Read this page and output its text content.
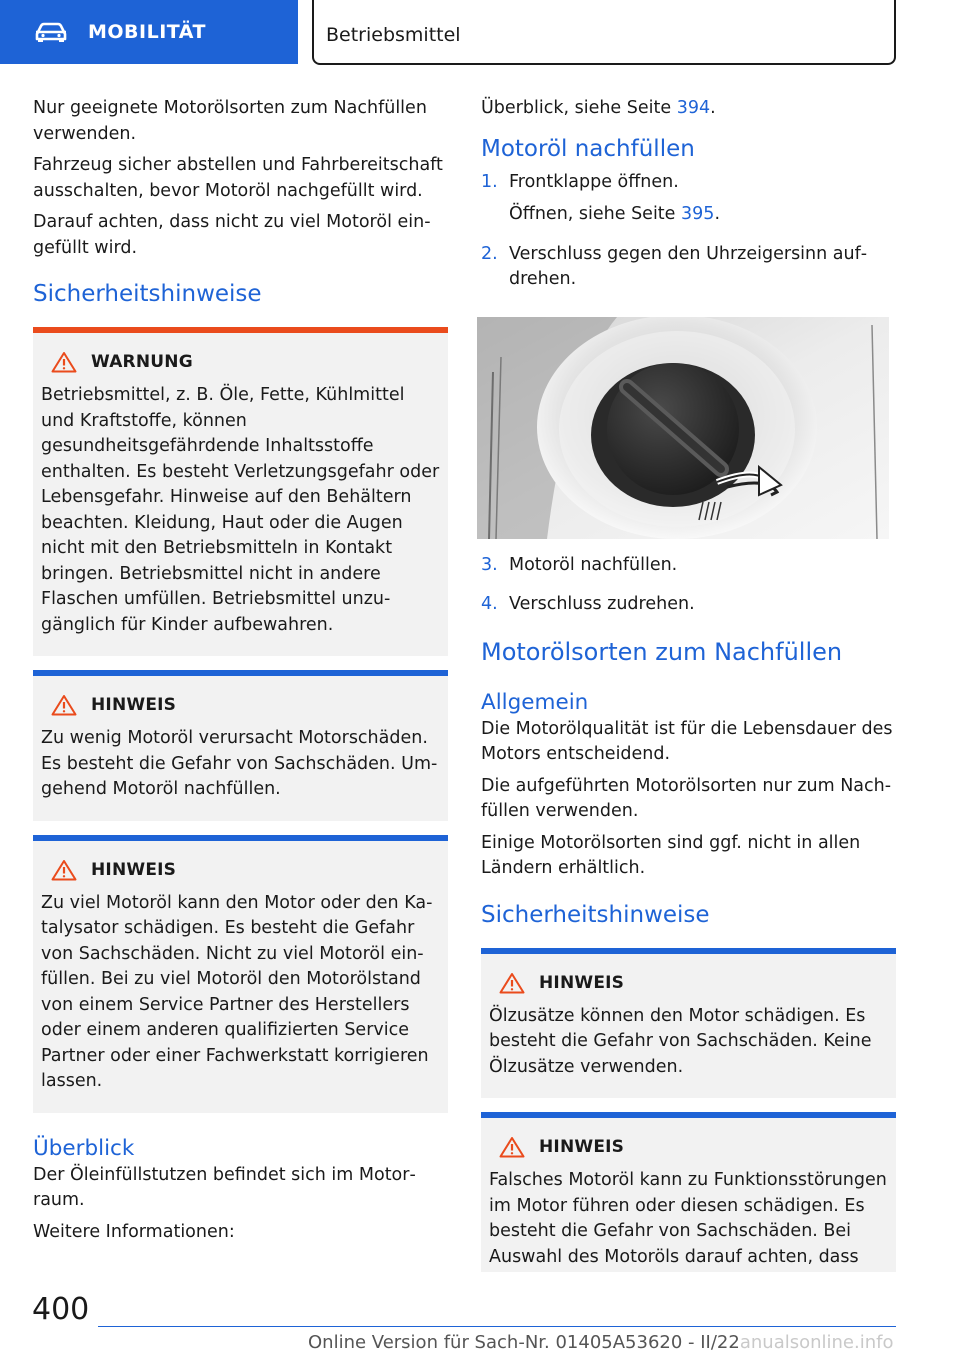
MOBILITÄT	Betriebsmittel

Nur geeignete Motorölsorten zum Nachfüllen verwenden.

Fahrzeug sicher abstellen und Fahrbereitschaft ausschalten, bevor Motoröl nachgefüllt wird.

Darauf achten, dass nicht zu viel Motoröl eingefüllt wird.

Sicherheitshinweise
WARNUNG

Betriebsmittel, z. B. Öle, Fette, Kühlmittel und Kraftstoffe, können gesundheitsgefährdende Inhaltsstoffe enthalten. Es besteht Verletzungsgefahr oder Lebensgefahr. Hinweise auf den Behältern beachten. Kleidung, Haut oder die Augen nicht mit den Betriebsmitteln in Kontakt bringen. Betriebsmittel nicht in andere Flaschen umfüllen. Betriebsmittel unzugänglich für Kinder aufbewahren.

HINWEIS

Zu wenig Motoröl verursacht Motorschäden. Es besteht die Gefahr von Sachschäden. Umgehend Motoröl nachfüllen.

HINWEIS

Zu viel Motoröl kann den Motor oder den Katalysator schädigen. Es besteht die Gefahr von Sachschäden. Nicht zu viel Motoröl einfüllen. Bei zu viel Motoröl den Motorölstand von einem Service Partner des Herstellers oder einem anderen qualifizierten Service Partner oder einer Fachwerkstatt korrigieren lassen.

Überblick

Der Öleinfüllstutzen befindet sich im Motorraum.

Weitere Informationen:

Überblick, siehe Seite 394.

Motoröl nachfüllen
1. Frontklappe öffnen.

Öffnen, siehe Seite 395.

2. Verschluss gegen den Uhrzeigersinn aufdrehen.

3. Motoröl nachfüllen.

4. Verschluss zudrehen.

Motorölsorten zum Nachfüllen
Allgemein

Die Motorölqualität ist für die Lebensdauer des Motors entscheidend.

Die aufgeführten Motorölsorten nur zum Nachfüllen verwenden.

Einige Motorölsorten sind ggf. nicht in allen Ländern erhältlich.

Sicherheitshinweise
HINWEIS

Ölzusätze können den Motor schädigen. Es besteht die Gefahr von Sachschäden. Keine Ölzusätze verwenden.

HINWEIS

Falsches Motoröl kann zu Funktionsstörungen im Motor führen oder diesen schädigen. Es besteht die Gefahr von Sachschäden. Bei Auswahl des Motoröls darauf achten, dass

400
Online Version für Sach-Nr. 01405A53620 - II/22anualsonline.info
